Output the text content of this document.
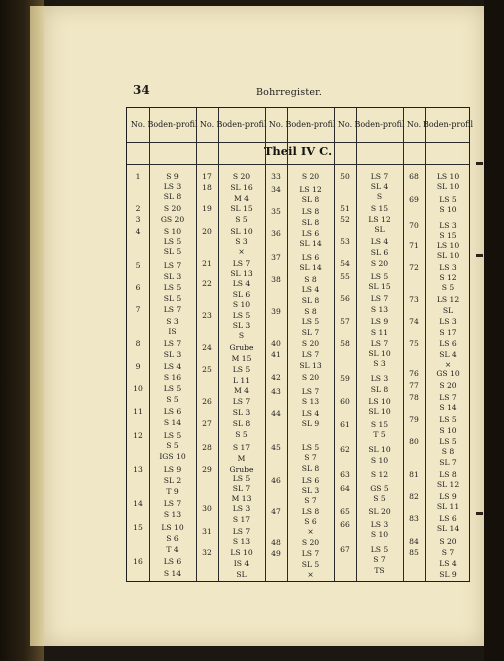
34	Bohrregister.
Theil IV C.
No. Boden- profil
1
2
3
4
5
6
7
8
9
10
11
12
13
14
15
16
S 9
LS 3
SL 8
S 20
GS 20
S 10
LS 5
SL 5
LS 7
SL 3
LS 5
SL 5
LS 7
S 3
IS
LS 7
SL 3
LS 4
S 16
LS 5
S 5
LS 6
S 14
LS 5
S 5
IGS 10
LS 9
SL 2
T 9
LS 7
S 13
LS 10
S 6
T 4
LS 6
S 14
No. Boden- profil
17
18
19
20
21
22
23
24
25
26
27
28
29
30
31
32
S 20
SL 16
M 4
SL 15
S 5
SL 10
S 3
×
LS 7
SL 13
LS 4
SL 6
S 10
LS 5
SL 3
S
Grube
M 15
LS 5
L 11
M 4
LS 7
SL 3
SL 8
S 5
S 17
M
Grube
LS 5
SL 7
M 13
LS 3
S 17
LS 7
S 13
LS 10
IS 4
SL
No. Boden- profil
33
34
35
36
37
38
39
40
41
42
43
44
45
46
47
48
49
S 20
LS 12
SL 8
LS 8
SL 8
LS 6
SL 14
LS 6
SL 14
S 8
LS 4
SL 8
S 8
LS 5
SL 7
S 20
LS 7
SL 13
S 20
LS 7
S 13
LS 4
SL 9
LS 5
S 7
SL 8
LS 6
SL 3
S 7
LS 8
S 6
×
S 20
LS 7
SL 5
×
No. Boden- profil
50
51
52
53
54
55
56
57
58
59
60
61
62
63
64
65
66
67
LS 7
SL 4
S
S 15
LS 12
SL
LS 4
SL 6
S 20
LS 5
SL 15
LS 7
S 13
LS 9
S 11
LS 7
SL 10
S 3
LS 3
SL 8
LS 10
SL 10
S 15
T 5
SL 10
S 10
S 12
GS 5
S 5
SL 20
LS 3
S 10
LS 5
S 7
TS
No. Boden- profil
68
69
70
71
72
73
74
75
76
77
78
79
80
81
82
83
84
85
LS 10
SL 10
LS 5
S 10
LS 3
S 15
LS 10
SL 10
LS 3
S 12
S 5
LS 12
SL
LS 3
S 17
LS 6
SL 4
×
GS 10
S 20
LS 7
S 14
LS 5
S 10
LS 5
S 8
SL 7
LS 8
SL 12
LS 9
SL 11
LS 6
SL 14
S 20
S 7
LS 4
SL 9
